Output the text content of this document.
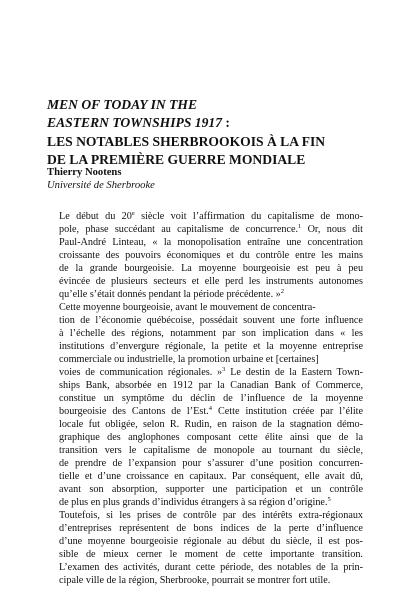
MEN OF TODAY IN THE
EASTERN TOWNSHIPS 1917 :
LES NOTABLES SHERBROOKOIS À LA FIN
DE LA PREMIÈRE GUERRE MONDIALE
Thierry Nootens
Université de Sherbrooke

Le début du 20e siècle voit l’affirmation du capitalisme de mono-
pole, phase succédant au capitalisme de concurrence.$^1$ Or, nous dit
Paul-André Linteau, « la monopolisation entraîne une concentration
croissante des pouvoirs économiques et du contrôle entre les mains
de la grande bourgeoisie. La moyenne bourgeoisie est peu à peu
évincée de plusieurs secteurs et elle perd les instruments autonomes
qu’elle s’était donnés pendant la période précédente. »$^2$

Cette moyenne bourgeoisie, avant le mouvement de concentra-
tion de l’économie québécoise, possédait souvent une forte influence
à l’échelle des régions, notamment par son implication dans « les
institutions d’envergure régionale, la petite et la moyenne entreprise
commerciale ou industrielle, la promotion urbaine et [certaines]
voies de communication régionales. »$^3$ Le destin de la Eastern Town-
ships Bank, absorbée en 1912 par la Canadian Bank of Commerce,
constitue un symptôme du déclin de l’influence de la moyenne
bourgeoisie des Cantons de l’Est.$^4$ Cette institution créée par l’élite
locale fut obligée, selon R. Rudin, en raison de la stagnation démo-
graphique des anglophones composant cette élite ainsi que de la
transition vers le capitalisme de monopole au tournant du siècle,
de prendre de l’expansion pour s’assurer d’une position concurren-
tielle et d’une croissance en capitaux. Par conséquent, elle avait dû,
avant son absorption, supporter une participation et un contrôle
de plus en plus grands d’individus étrangers à sa région d’origine.$^5$

Toutefois, si les prises de contrôle par des intérêts extra-régionaux
d’entreprises représentent de bons indices de la perte d’influence
d’une moyenne bourgeoisie régionale au début du siècle, il est pos-
sible de mieux cerner le moment de cette importante transition.
L’examen des activités, durant cette période, des notables de la prin-
cipale ville de la région, Sherbrooke, pourrait se montrer fort utile.
